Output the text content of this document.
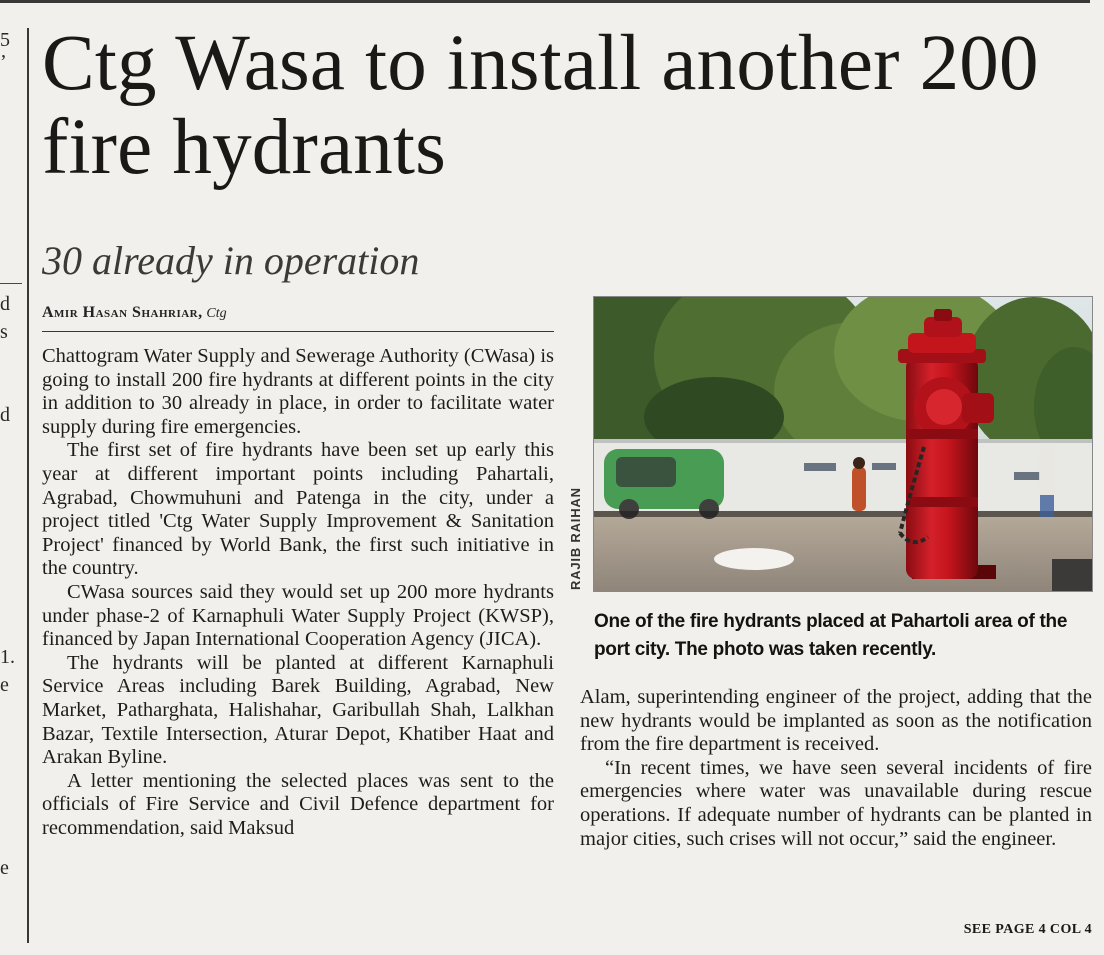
5
’
d
s
d
1.
e
e
Ctg Wasa to install another 200 fire hydrants
30 already in operation
Amir Hasan Shahriar, Ctg

Chattogram Water Supply and Sewerage Authority (CWasa) is going to install 200 fire hydrants at different points in the city in addition to 30 already in place, in order to facilitate water supply during fire emergencies.

The first set of fire hydrants have been set up early this year at different important points including Pahartali, Agrabad, Chowmuhuni and Patenga in the city, under a project titled 'Ctg Water Supply Improvement & Sanitation Project' financed by World Bank, the first such initiative in the country.

CWasa sources said they would set up 200 more hydrants under phase-2 of Karnaphuli Water Supply Project (KWSP), financed by Japan International Cooperation Agency (JICA).

The hydrants will be planted at different Karnaphuli Service Areas including Barek Building, Agrabad, New Market, Patharghata, Halishahar, Garibullah Shah, Lalkhan Bazar, Textile Intersection, Aturar Depot, Khatiber Haat and Arakan Byline.

A letter mentioning the selected places was sent to the officials of Fire Service and Civil Defence department for recommendation, said Maksud

RAJIB RAIHAN
One of the fire hydrants placed at Pahartoli area of the port city. The photo was taken recently.

Alam, superintending engineer of the project, adding that the new hydrants would be implanted as soon as the notification from the fire department is received.

“In recent times, we have seen several incidents of fire emergencies where water was unavailable during rescue operations. If adequate number of hydrants can be planted in major cities, such crises will not occur,” said the engineer.

SEE PAGE 4 COL 4
